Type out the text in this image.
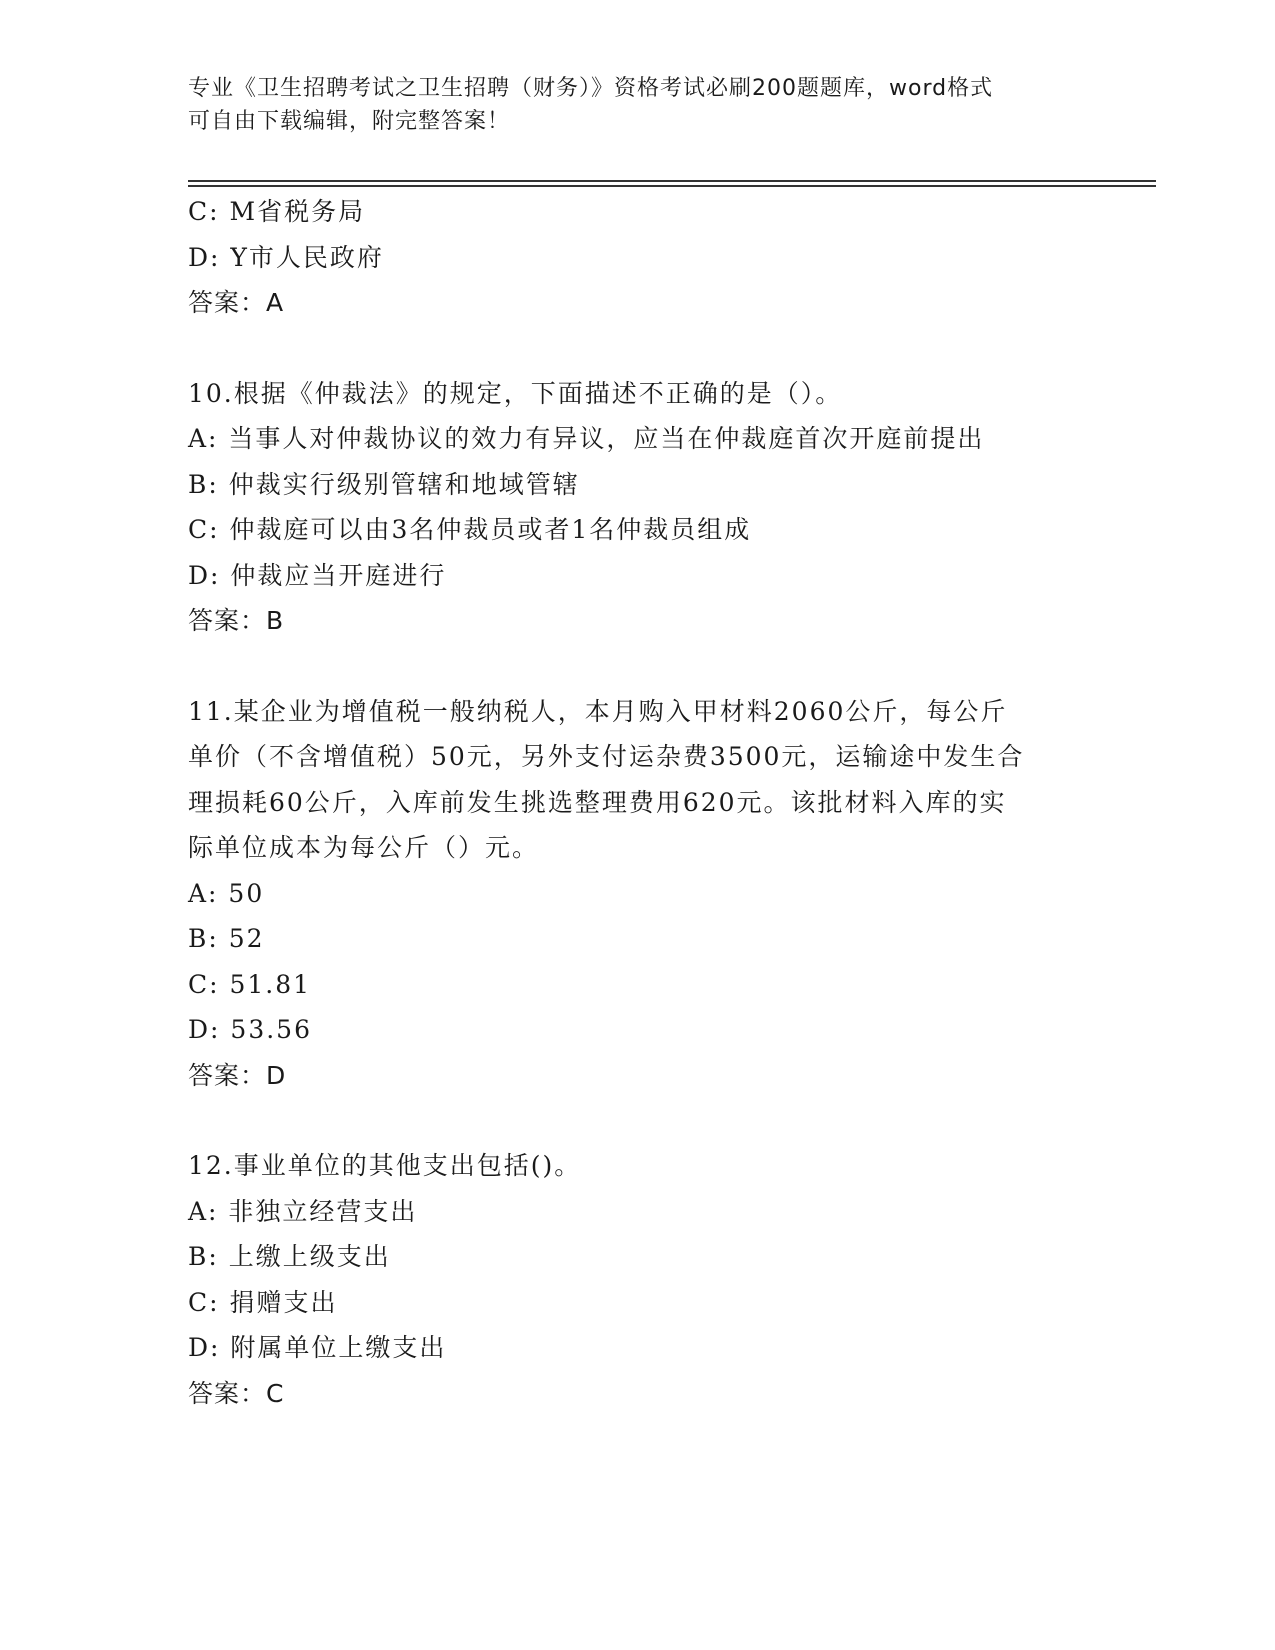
专业《卫生招聘考试之卫生招聘（财务）》资格考试必刷200题题库，word格式
可自由下载编辑，附完整答案！
C: M省税务局
D: Y市人民政府
答案：A
10.根据《仲裁法》的规定，下面描述不正确的是（）。
A: 当事人对仲裁协议的效力有异议，应当在仲裁庭首次开庭前提出
B: 仲裁实行级别管辖和地域管辖
C: 仲裁庭可以由3名仲裁员或者1名仲裁员组成
D: 仲裁应当开庭进行
答案：B
11.某企业为增值税一般纳税人，本月购入甲材料2060公斤，每公斤
单价（不含增值税）50元，另外支付运杂费3500元，运输途中发生合
理损耗60公斤，入库前发生挑选整理费用620元。该批材料入库的实
际单位成本为每公斤（）元。
A: 50
B: 52
C: 51.81
D: 53.56
答案：D
12.事业单位的其他支出包括()。
A: 非独立经营支出
B: 上缴上级支出
C: 捐赠支出
D: 附属单位上缴支出
答案：C
